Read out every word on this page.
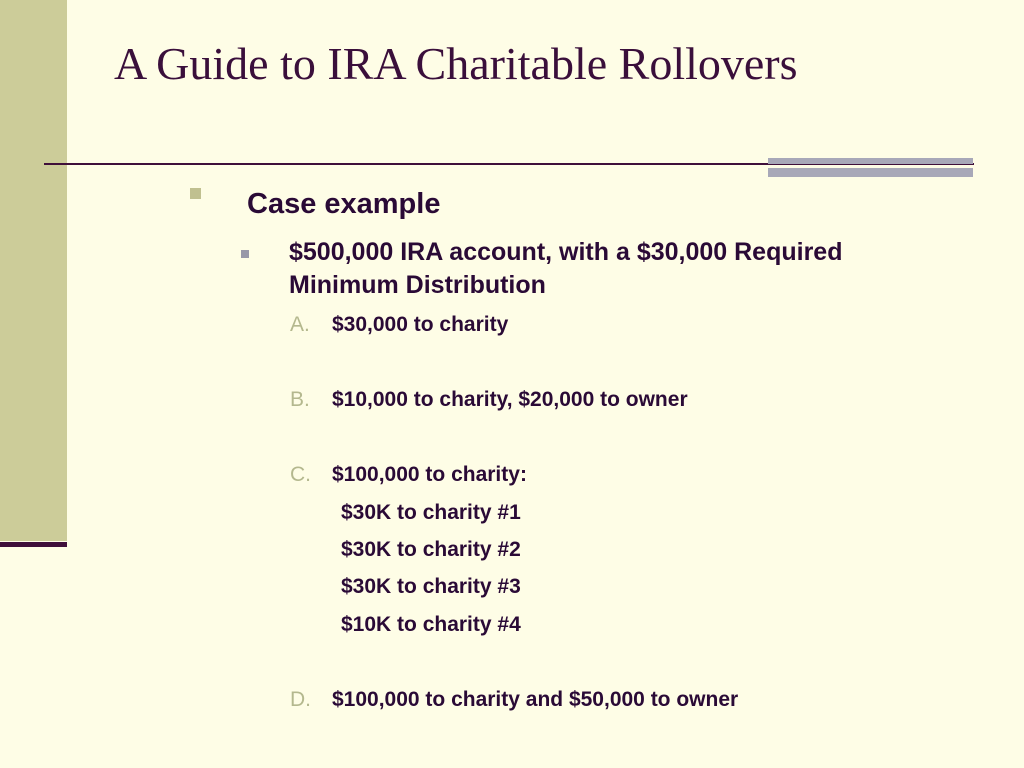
A Guide to IRA Charitable Rollovers
Case example
$500,000 IRA account, with a $30,000 Required Minimum Distribution
A. $30,000 to charity
B. $10,000 to charity, $20,000 to owner
C. $100,000 to charity:
$30K to charity #1
$30K to charity #2
$30K to charity #3
$10K to charity #4
D. $100,000 to charity and $50,000 to owner
